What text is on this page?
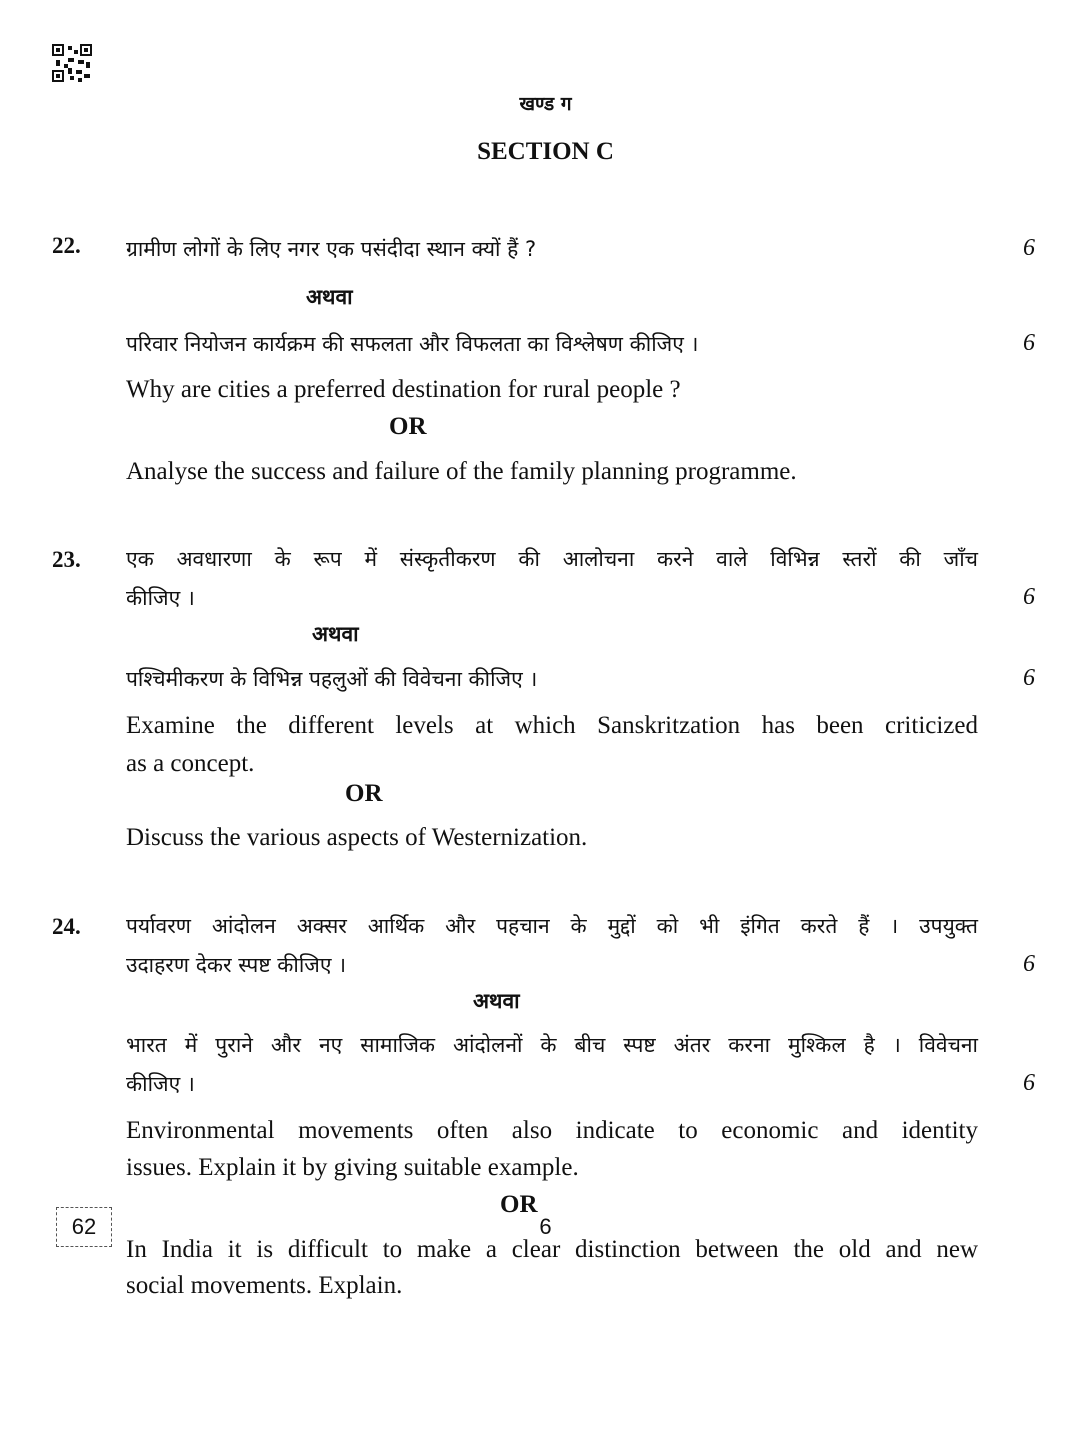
खण्ड ग
SECTION C
22. ग्रामीण लोगों के लिए नगर एक पसंदीदा स्थान क्यों हैं ?	6
अथवा
परिवार नियोजन कार्यक्रम की सफलता और विफलता का विश्लेषण कीजिए ।	6
Why are cities a preferred destination for rural people ?
OR
Analyse the success and failure of the family planning programme.
23. एक अवधारणा के रूप में संस्कृतीकरण की आलोचना करने वाले विभिन्न स्तरों की जाँच
कीजिए ।	6
अथवा
पश्चिमीकरण के विभिन्न पहलुओं की विवेचना कीजिए ।	6
Examine the different levels at which Sanskritzation has been criticized
as a concept.
OR
Discuss the various aspects of Westernization.
24. पर्यावरण आंदोलन अक्सर आर्थिक और पहचान के मुद्दों को भी इंगित करते हैं । उपयुक्त
उदाहरण देकर स्पष्ट कीजिए ।	6
अथवा
भारत में पुराने और नए सामाजिक आंदोलनों के बीच स्पष्ट अंतर करना मुश्किल है । विवेचना
कीजिए ।	6
Environmental movements often also indicate to economic and identity
issues. Explain it by giving suitable example.
OR
In India it is difficult to make a clear distinction between the old and new
social movements. Explain.
62	6
